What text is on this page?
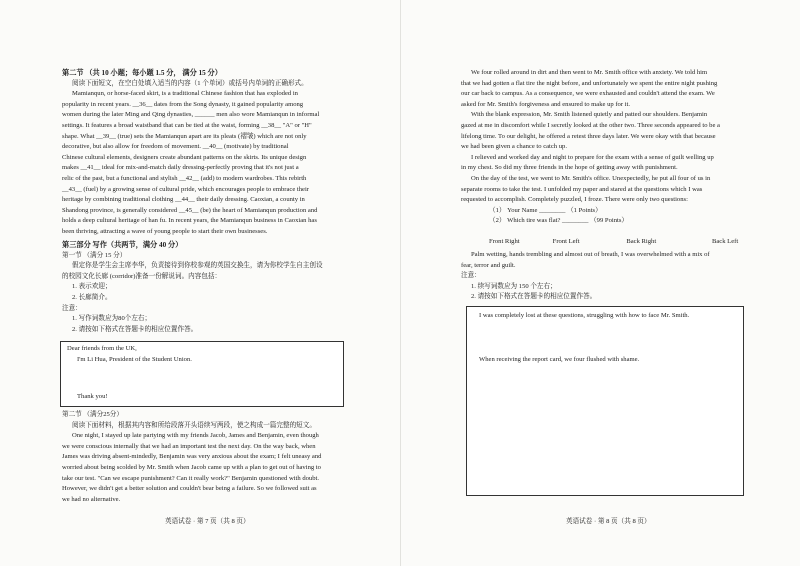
第二节 （共 10 小题；每小题 1.5 分， 满分 15 分）
阅读下面短文，在空白处填入适当的内容（1 个单词）或括号内单词的正确形式。
Mamianqun, or horse-faced skirt, is a traditional Chinese fashion that has exploded in
popularity in recent years. __36__ dates from the Song dynasty, it gained popularity among
women during the later Ming and Qing dynasties, ______ men also wore Mamianqun in informal
settings. It features a broad waistband that can be tied at the waist, forming __38__ "A" or "H"
shape. What __39__ (true) sets the Mamianqun apart are its pleats (褶皱) which are not only
decorative, but also allow for freedom of movement. __40__ (motivate) by traditional
Chinese cultural elements, designers create abundant patterns on the skirts. Its unique design
makes __41__ ideal for mix-and-match daily dressing-perfectly proving that it's not just a
relic of the past, but a functional and stylish __42__ (add) to modern wardrobes. This rebirth
__43__ (fuel) by a growing sense of cultural pride, which encourages people to embrace their
heritage by combining traditional clothing __44__ their daily dressing. Caoxian, a county in
Shandong province, is generally considered __45__ (be) the heart of Mamianqun production and
holds a deep cultural heritage of han fu. In recent years, the Mamianqun business in Caoxian has
been thriving, attracting a wave of young people to start their own businesses.
第三部分 写作（共两节，满分 40 分）
第一节 （满分 15 分）
假定你是学生会主席李华，负责接待到你校参观的英国交换生，请为你校学生自主创设
的校园文化长廊 (corridor)准备一份解说词。内容包括：
1. 表示欢迎；
2. 长廊简介。
注意：
1. 写作词数应为80个左右；
2. 请按如下格式在答题卡的相应位置作答。
Dear friends from the UK,
I'm Li Hua, President of the Student Union.
Thank you!
第二节 （满分25分）
阅读下面材料，根据其内容和所给段落开头语续写两段，使之构成一篇完整的短文。
One night, I stayed up late partying with my friends Jacob, James and Benjamin, even though
we were conscious internally that we had an important test the next day. On the way back, when
James was driving absent-mindedly, Benjamin was very anxious about the exam; I felt uneasy and
worried about being scolded by Mr. Smith when Jacob came up with a plan to get out of having to
take our test. "Can we escape punishment? Can it really work?" Benjamin questioned with doubt.
However, we didn't get a better solution and couldn't bear being a failure. So we followed suit as
we had no alternative.
英语试卷 · 第 7 页（共 8 页）
We four rolled around in dirt and then went to Mr. Smith office with anxiety. We told him
that we had gotten a flat tire the night before, and unfortunately we spent the entire night pushing
our car back to campus. As a consequence, we were exhausted and couldn't attend the exam. We
asked for Mr. Smith's forgiveness and ensured to make up for it.
With the blank expression, Mr. Smith listened quietly and patted our shoulders. Benjamin
gazed at me in discomfort while I secretly looked at the other two. Three seconds appeared to be a
lifelong time. To our delight, he offered a retest three days later. We were okay with that because
we had been given a chance to catch up.
I relieved and worked day and night to prepare for the exam with a sense of guilt welling up
in my chest. So did my three friends in the hope of getting away with punishment.
On the day of the test, we went to Mr. Smith's office. Unexpectedly, he put all four of us in
separate rooms to take the test. I unfolded my paper and stared at the questions which I was
requested to accomplish. Completely puzzled, I froze. There were only two questions:
（1） Your Name ________ （1 Points）
（2） Which tire was flat? ________ （99 Points）
Front Right	Front Left	Back Right	Back Left
Palm wetting, hands trembling and almost out of breath, I was overwhelmed with a mix of
fear, terror and guilt.
注意：
1. 续写词数应为 150 个左右；
2. 请按如下格式在答题卡的相应位置作答。
I was completely lost at these questions, struggling with how to face Mr. Smith.
When receiving the report card, we four flushed with shame.
英语试卷 · 第 8 页（共 8 页）
